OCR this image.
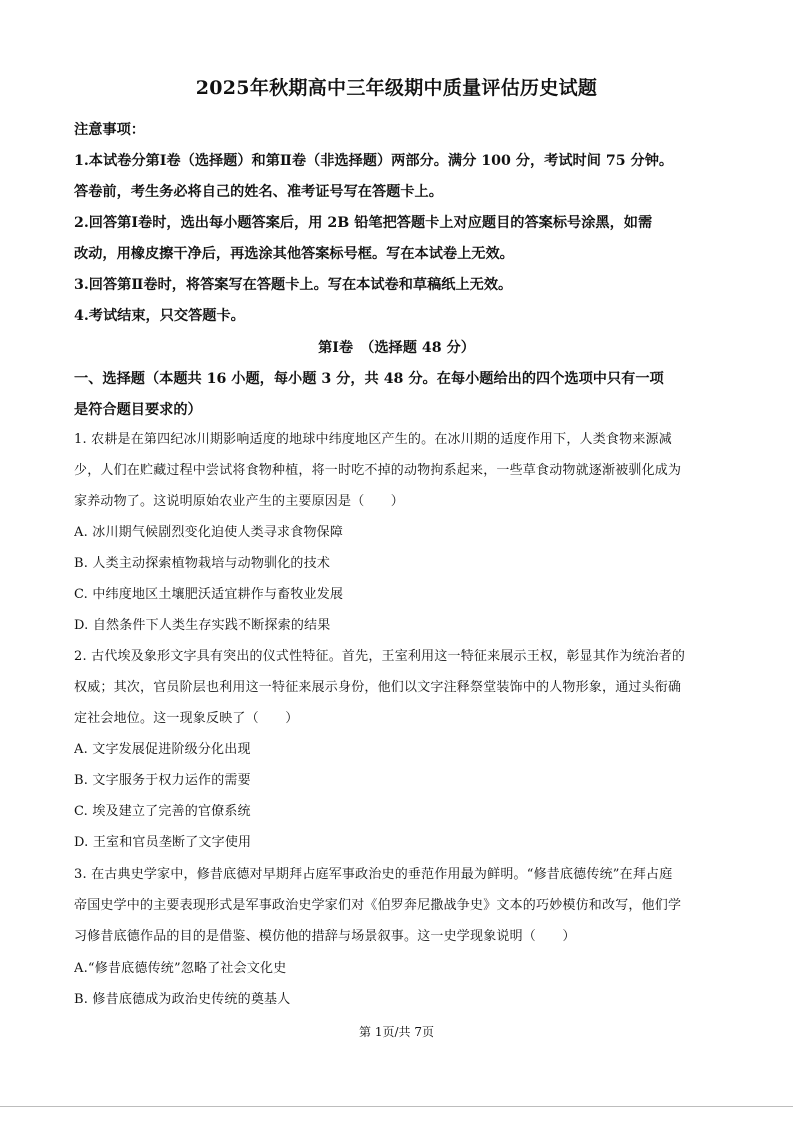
2025年秋期高中三年级期中质量评估历史试题
注意事项：
1.本试卷分第Ⅰ卷（选择题）和第Ⅱ卷（非选择题）两部分。满分 100 分，考试时间 75 分钟。
答卷前，考生务必将自己的姓名、准考证号写在答题卡上。
2.回答第Ⅰ卷时，选出每小题答案后，用 2B 铅笔把答题卡上对应题目的答案标号涂黑，如需
改动，用橡皮擦干净后，再选涂其他答案标号框。写在本试卷上无效。
3.回答第Ⅱ卷时，将答案写在答题卡上。写在本试卷和草稿纸上无效。
4.考试结束，只交答题卡。
第Ⅰ卷　（选择题 48 分）
一、选择题（本题共 16 小题，每小题 3 分，共 48 分。在每小题给出的四个选项中只有一项
是符合题目要求的）
1. 农耕是在第四纪冰川期影响适度的地球中纬度地区产生的。在冰川期的适度作用下，人类食物来源减
少，人们在贮藏过程中尝试将食物种植，将一时吃不掉的动物拘系起来，一些草食动物就逐渐被驯化成为
家养动物了。这说明原始农业产生的主要原因是（　　）
A. 冰川期气候剧烈变化迫使人类寻求食物保障
B. 人类主动探索植物栽培与动物驯化的技术
C. 中纬度地区土壤肥沃适宜耕作与畜牧业发展
D. 自然条件下人类生存实践不断探索的结果
2. 古代埃及象形文字具有突出的仪式性特征。首先，王室利用这一特征来展示王权，彰显其作为统治者的
权威；其次，官员阶层也利用这一特征来展示身份，他们以文字注释祭堂装饰中的人物形象，通过头衔确
定社会地位。这一现象反映了（　　）
A. 文字发展促进阶级分化出现
B. 文字服务于权力运作的需要
C. 埃及建立了完善的官僚系统
D. 王室和官员垄断了文字使用
3. 在古典史学家中，修昔底德对早期拜占庭军事政治史的垂范作用最为鲜明。“修昔底德传统”在拜占庭
帝国史学中的主要表现形式是军事政治史学家们对《伯罗奔尼撒战争史》文本的巧妙模仿和改写，他们学
习修昔底德作品的目的是借鉴、模仿他的措辞与场景叙事。这一史学现象说明（　　）
A.“修昔底德传统”忽略了社会文化史
B. 修昔底德成为政治史传统的奠基人
第 1页/共 7页
